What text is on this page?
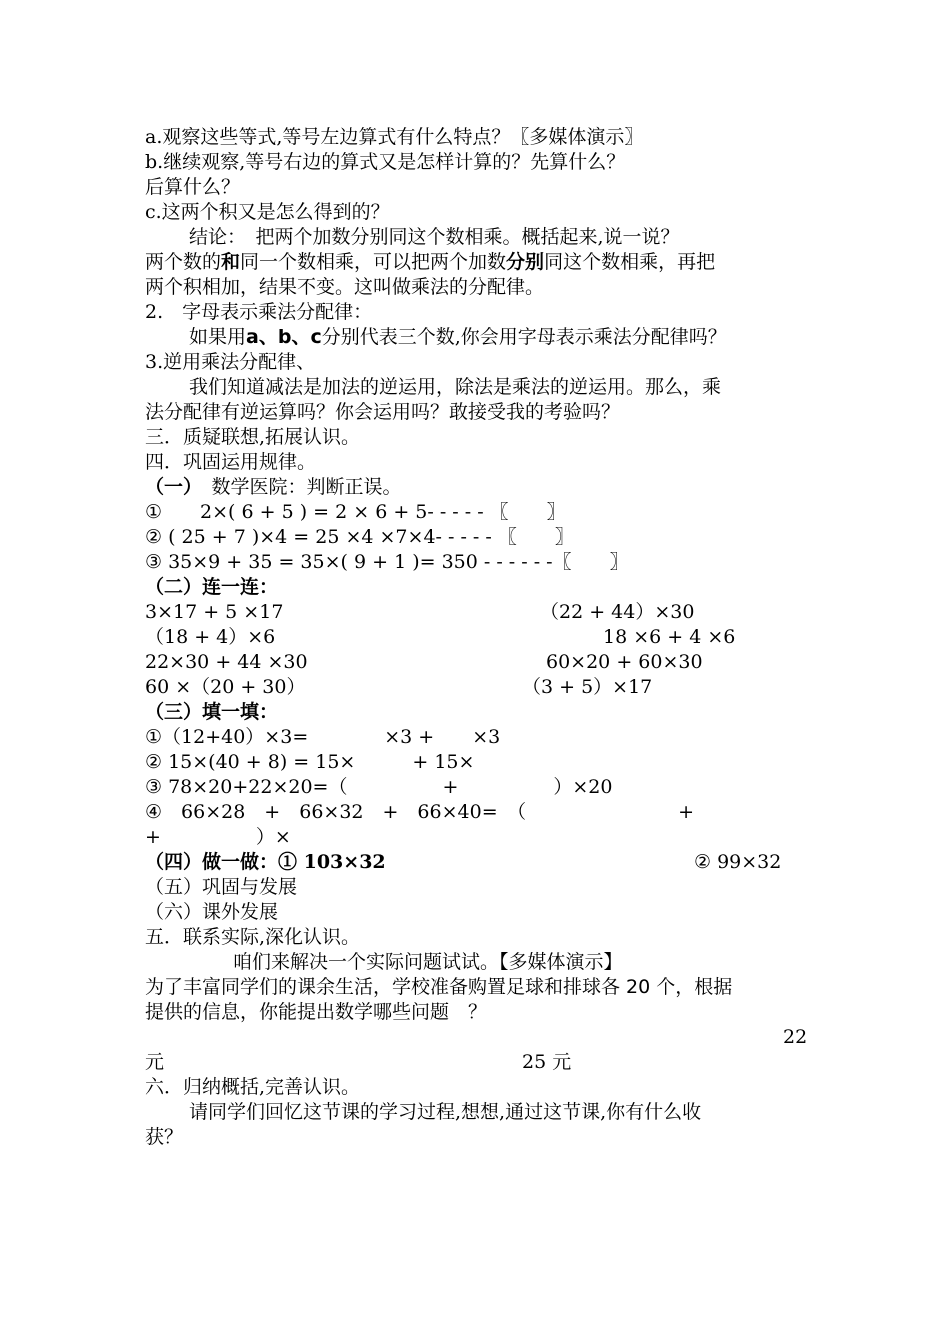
a.观察这些等式,等号左边算式有什么特点？〖多媒体演示〗
b.继续观察,等号右边的算式又是怎样计算的？先算什么？
后算什么？
c.这两个积又是怎么得到的？
结论：　把两个加数分别同这个数相乘。概括起来,说一说？
两个数的和同一个数相乘，可以把两个加数分别同这个数相乘，再把
两个积相加，结果不变。这叫做乘法的分配律。
2.　字母表示乘法分配律：
如果用a、b、c分别代表三个数,你会用字母表示乘法分配律吗？
3.逆用乘法分配律、
我们知道减法是加法的逆运用，除法是乘法的逆运用。那么，乘
法分配律有逆运算吗？你会运用吗？敢接受我的考验吗？
三．质疑联想,拓展认识。
四．巩固运用规律。
（一）　数学医院：判断正误。
①　　2×( 6 + 5 ) = 2 × 6 + 5- - - - - 〖　　〗
② ( 25 + 7 )×4 = 25 ×4 ×7×4- - - - - 〖　　〗
③ 35×9 + 35 = 35×( 9 + 1 )= 350 - - - - - -〖　　〗
（二）连一连：
3×17 + 5 ×17	（22 + 44）×30
（18 + 4）×6	18 ×6 + 4 ×6
22×30 + 44 ×30	60×20 + 60×30
60 ×（20 + 30）	（3 + 5）×17
（三）填一填：
①（12+40）×3=　　　　×3 +　　×3
② 15×(40 + 8) = 15×　　　+ 15×
③ 78×20+22×20=（　　　　　+　　　　　）×20
④　66×28　+　66×32　+　66×40=　（　　　　　　　　+
+　　　　　）×
（四）做一做：① 103×32	② 99×32
（五）巩固与发展
（六）课外发展
五．联系实际,深化认识。
咱们来解决一个实际问题试试。【多媒体演示】
为了丰富同学们的课余生活，学校准备购置足球和排球各 20 个，根据
提供的信息，你能提出数学哪些问题　？
22
元	25 元
六．归纳概括,完善认识。
请同学们回忆这节课的学习过程,想想,通过这节课,你有什么收
获？
